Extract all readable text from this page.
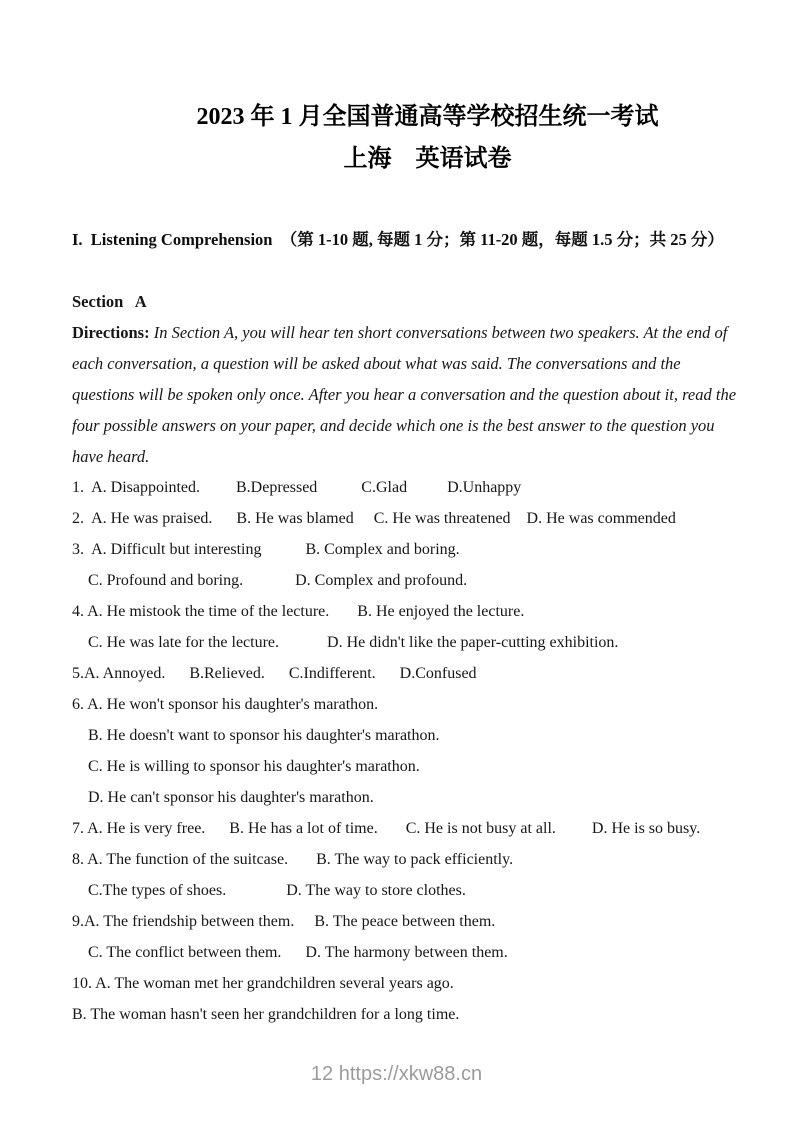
2023 年 1 月全国普通高等学校招生统一考试
上海　英语试卷
I.  Listening Comprehension  （第 1-10 题, 每题 1 分；第 11-20 题，每题 1.5 分；共 25 分）
Section   A
Directions: In Section A, you will hear ten short conversations between two speakers. At the end of
each conversation, a question will be asked about what was said. The conversations and the
questions will be spoken only once. After you hear a conversation and the question about it, read the
four possible answers on your paper, and decide which one is the best answer to the question you
have heard.
1.  A. Disappointed.         B.Depressed           C.Glad          D.Unhappy
2.  A. He was praised.      B. He was blamed     C. He was threatened    D. He was commended
3.  A. Difficult but interesting           B. Complex and boring.
C. Profound and boring.             D. Complex and profound.
4. A. He mistook the time of the lecture.       B. He enjoyed the lecture.
C. He was late for the lecture.            D. He didn't like the paper-cutting exhibition.
5.A. Annoyed.      B.Relieved.      C.Indifferent.      D.Confused
6. A. He won't sponsor his daughter's marathon.
B. He doesn't want to sponsor his daughter's marathon.
C. He is willing to sponsor his daughter's marathon.
D. He can't sponsor his daughter's marathon.
7. A. He is very free.      B. He has a lot of time.       C. He is not busy at all.         D. He is so busy.
8. A. The function of the suitcase.       B. The way to pack efficiently.
C.The types of shoes.               D. The way to store clothes.
9.A. The friendship between them.     B. The peace between them.
C. The conflict between them.      D. The harmony between them.
10. A. The woman met her grandchildren several years ago.
B. The woman hasn't seen her grandchildren for a long time.
12 https://xkw88.cn
